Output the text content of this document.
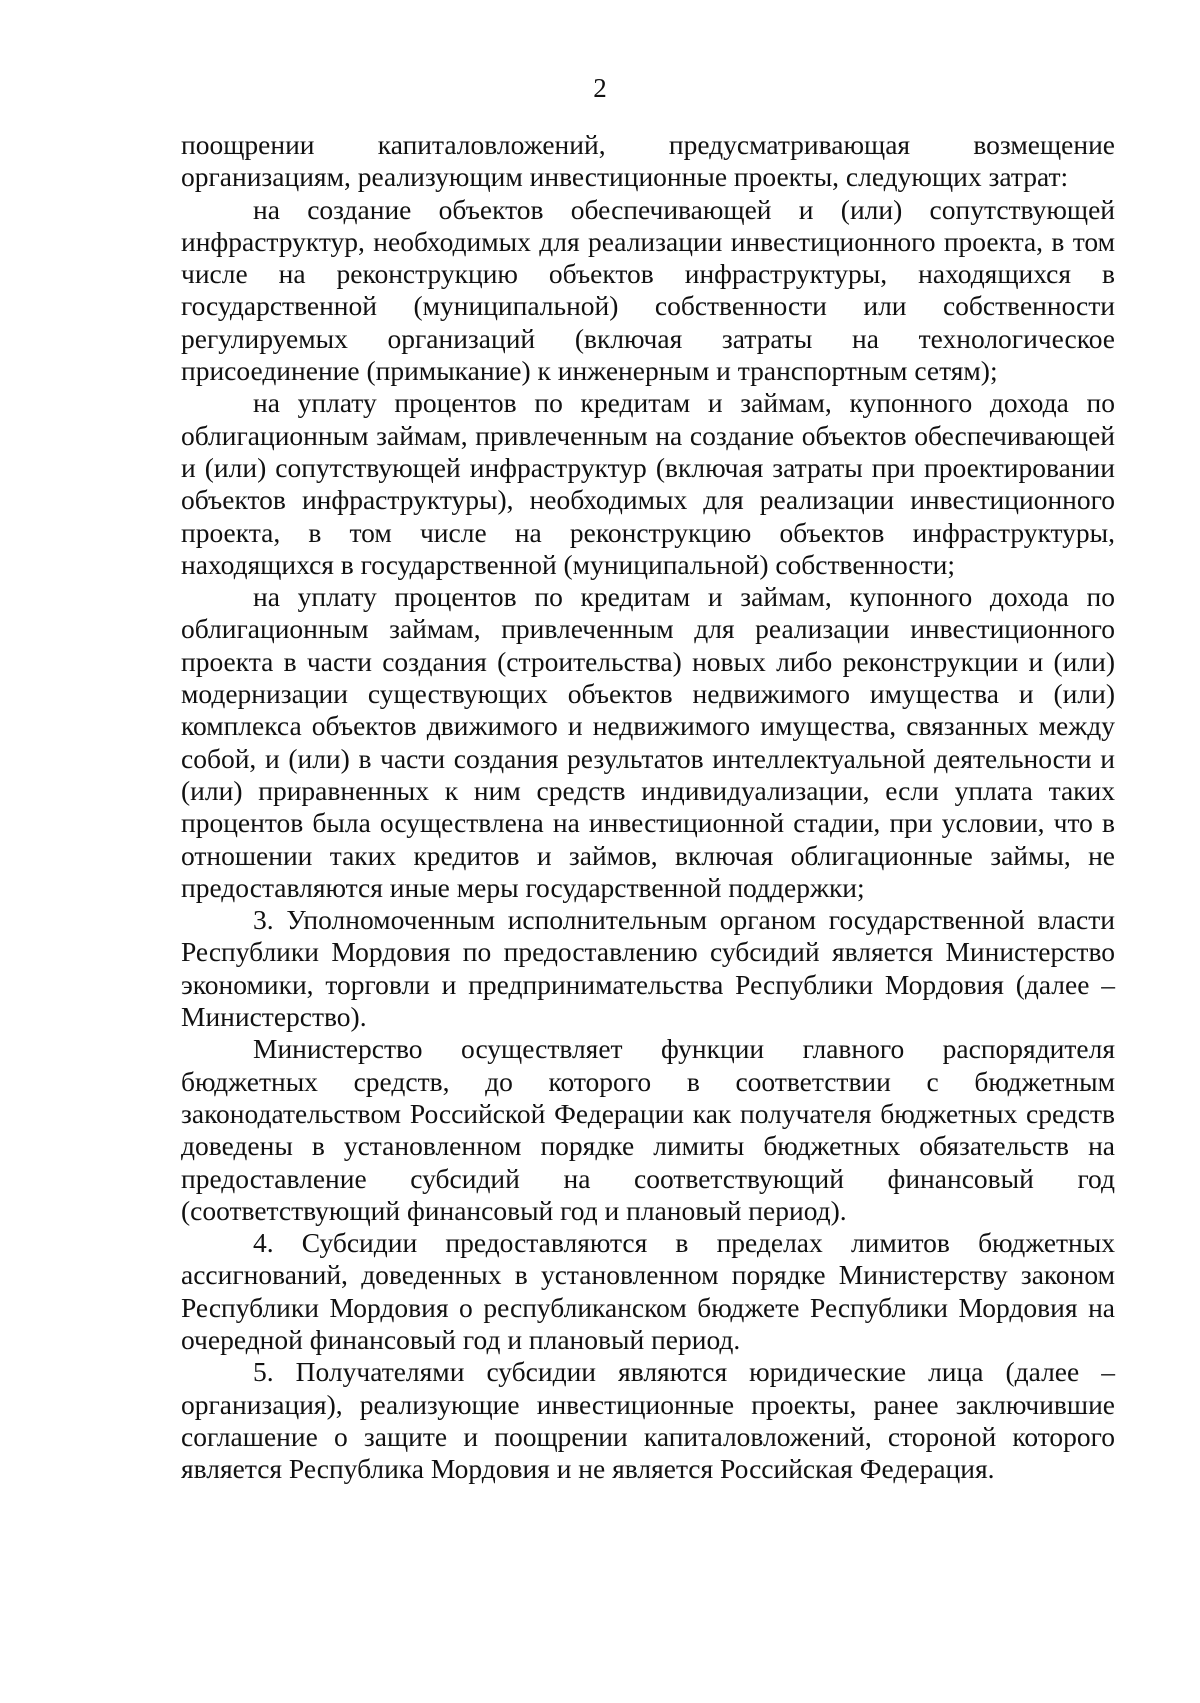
2

поощрении капиталовложений, предусматривающая возмещение организациям, реализующим инвестиционные проекты, следующих затрат:

на создание объектов обеспечивающей и (или) сопутствующей инфраструктур, необходимых для реализации инвестиционного проекта, в том числе на реконструкцию объектов инфраструктуры, находящихся в государственной (муниципальной) собственности или собственности регулируемых организаций (включая затраты на технологическое присоединение (примыкание) к инженерным и транспортным сетям);

на уплату процентов по кредитам и займам, купонного дохода по облигационным займам, привлеченным на создание объектов обеспечивающей и (или) сопутствующей инфраструктур (включая затраты при проектировании объектов инфраструктуры), необходимых для реализации инвестиционного проекта, в том числе на реконструкцию объектов инфраструктуры, находящихся в государственной (муниципальной) собственности;

на уплату процентов по кредитам и займам, купонного дохода по облигационным займам, привлеченным для реализации инвестиционного проекта в части создания (строительства) новых либо реконструкции и (или) модернизации существующих объектов недвижимого имущества и (или) комплекса объектов движимого и недвижимого имущества, связанных между собой, и (или) в части создания результатов интеллектуальной деятельности и (или) приравненных к ним средств индивидуализации, если уплата таких процентов была осуществлена на инвестиционной стадии, при условии, что в отношении таких кредитов и займов, включая облигационные займы, не предоставляются иные меры государственной поддержки;

3. Уполномоченным исполнительным органом государственной власти Республики Мордовия по предоставлению субсидий является Министерство экономики, торговли и предпринимательства Республики Мордовия (далее – Министерство).

Министерство осуществляет функции главного распорядителя бюджетных средств, до которого в соответствии с бюджетным законодательством Российской Федерации как получателя бюджетных средств доведены в установленном порядке лимиты бюджетных обязательств на предоставление субсидий на соответствующий финансовый год (соответствующий финансовый год и плановый период).

4. Субсидии предоставляются в пределах лимитов бюджетных ассигнований, доведенных в установленном порядке Министерству законом Республики Мордовия о республиканском бюджете Республики Мордовия на очередной финансовый год и плановый период.

5. Получателями субсидии являются юридические лица (далее – организация), реализующие инвестиционные проекты, ранее заключившие соглашение о защите и поощрении капиталовложений, стороной которого является Республика Мордовия и не является Российская Федерация.
